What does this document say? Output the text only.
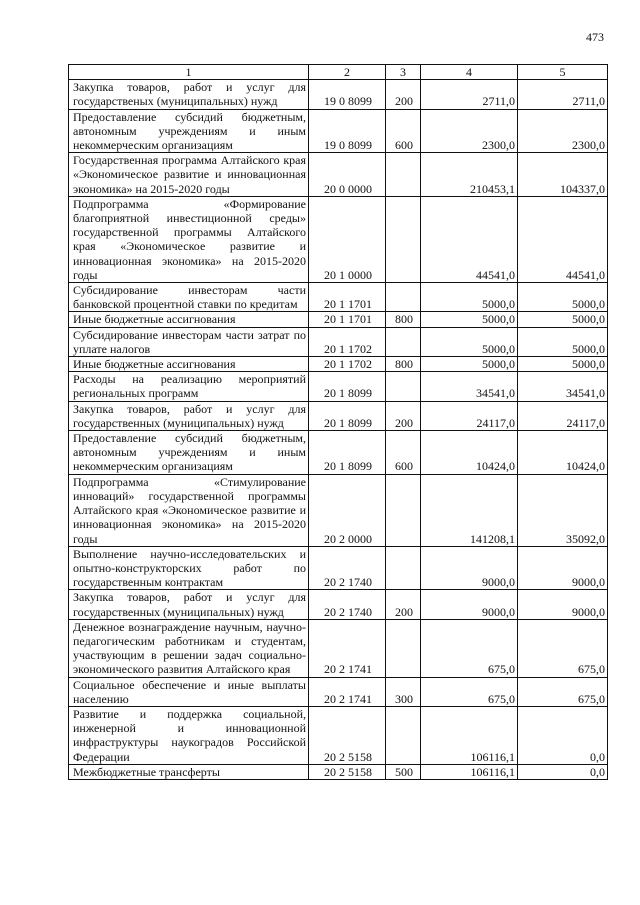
473
1	2	3	4	5
Закупка товаров, работ и услуг для государственых (муниципальных) нужд	19 0 8099	200	2711,0	2711,0
Предоставление субсидий бюджетным, автономным учреждениям и иным некоммерческим организациям	19 0 8099	600	2300,0	2300,0
Государственная программа Алтайского края «Экономическое развитие и инновационная экономика» на 2015-2020 годы	20 0 0000		210453,1	104337,0
Подпрограмма «Формирование благоприятной инвестиционной среды» государственной программы Алтайского края «Экономическое развитие и инновационная экономика» на 2015-2020 годы	20 1 0000		44541,0	44541,0
Субсидирование инвесторам части банковской процентной ставки по кредитам	20 1 1701		5000,0	5000,0
Иные бюджетные ассигнования	20 1 1701	800	5000,0	5000,0
Субсидирование инвесторам части затрат по уплате налогов	20 1 1702		5000,0	5000,0
Иные бюджетные ассигнования	20 1 1702	800	5000,0	5000,0
Расходы на реализацию мероприятий региональных программ	20 1 8099		34541,0	34541,0
Закупка товаров, работ и услуг для государственных (муниципальных) нужд	20 1 8099	200	24117,0	24117,0
Предоставление субсидий бюджетным, автономным учреждениям и иным некоммерческим организациям	20 1 8099	600	10424,0	10424,0
Подпрограмма «Стимулирование инноваций» государственной программы Алтайского края «Экономическое развитие и инновационная экономика» на 2015-2020 годы	20 2 0000		141208,1	35092,0
Выполнение научно-исследовательских и опытно-конструкторских работ по государственным контрактам	20 2 1740		9000,0	9000,0
Закупка товаров, работ и услуг для государственных (муниципальных) нужд	20 2 1740	200	9000,0	9000,0
Денежное вознаграждение научным, научно-педагогическим работникам и студентам, участвующим в решении задач социально-экономического развития Алтайского края	20 2 1741		675,0	675,0
Социальное обеспечение и иные выплаты населению	20 2 1741	300	675,0	675,0
Развитие и поддержка социальной, инженерной и инновационной инфраструктуры наукоградов Российской Федерации	20 2 5158		106116,1	0,0
Межбюджетные трансферты	20 2 5158	500	106116,1	0,0
